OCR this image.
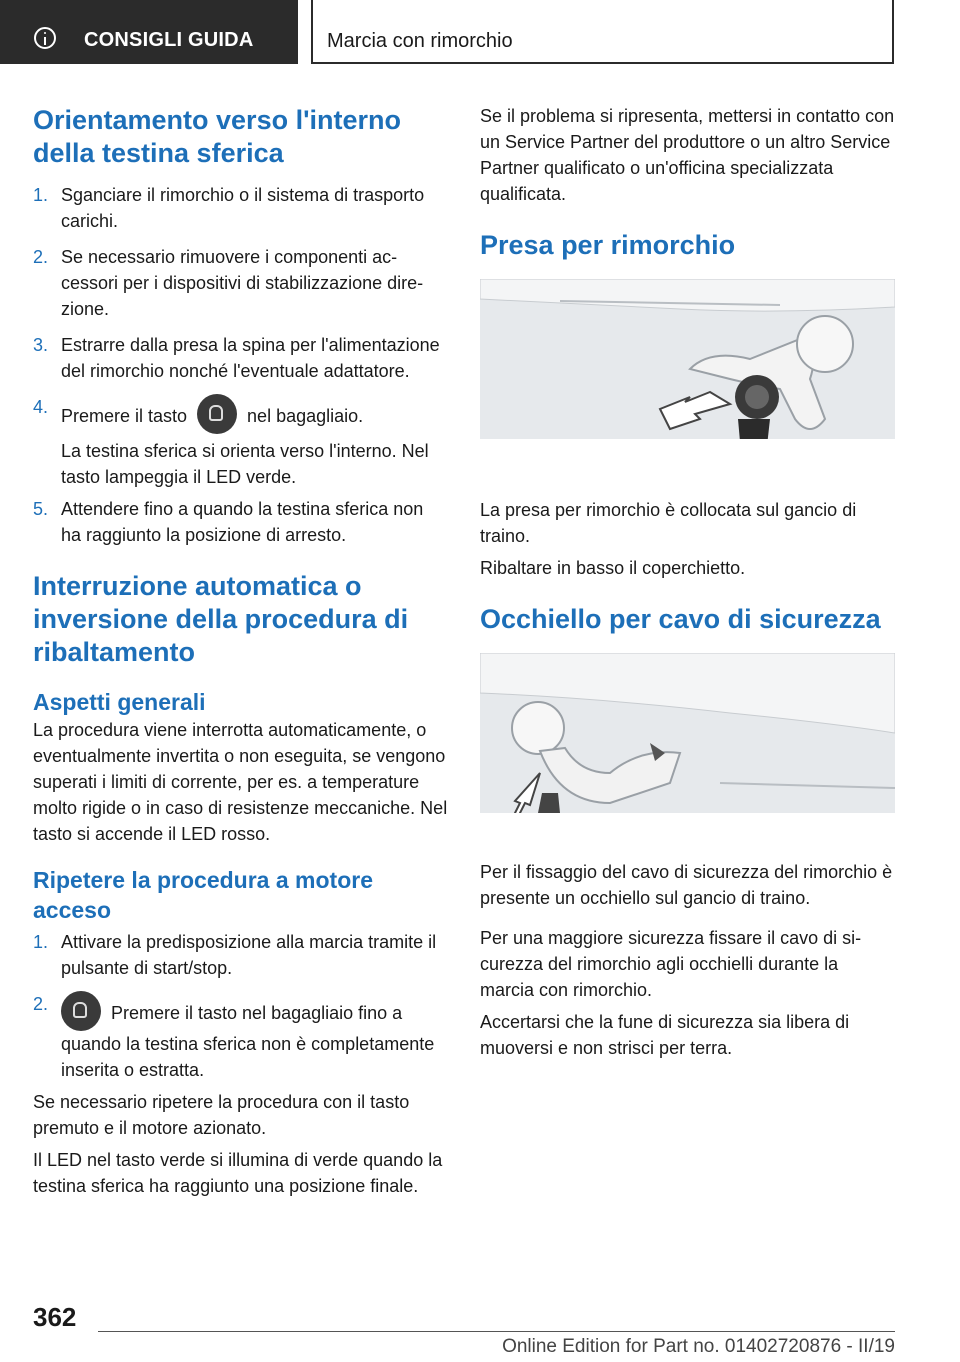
CONSIGLI GUIDA	Marcia con rimorchio
Orientamento verso l'interno della testina sferica
1. Sganciare il rimorchio o il sistema di trasporto carichi.
2. Se necessario rimuovere i componenti accessori per i dispositivi di stabilizzazione direzione.
3. Estrarre dalla presa la spina per l'alimentazione del rimorchio nonché l'eventuale adattatore.
4. Premere il tasto	nel bagagliaio.
La testina sferica si orienta verso l'interno. Nel tasto lampeggia il LED verde.
5. Attendere fino a quando la testina sferica non ha raggiunto la posizione di arresto.
Interruzione automatica o inversione della procedura di ribaltamento
Aspetti generali

La procedura viene interrotta automaticamente, o eventualmente invertita o non eseguita, se vengono superati i limiti di corrente, per es. a temperature molto rigide o in caso di resistenze meccaniche. Nel tasto si accende il LED rosso.

Ripetere la procedura a motore acceso
1. Attivare la predisposizione alla marcia tramite il pulsante di start/stop.
2.	Premere il tasto nel bagagliaio fino a quando la testina sferica non è completamente inserita o estratta.

Se necessario ripetere la procedura con il tasto premuto e il motore azionato.

Il LED nel tasto verde si illumina di verde quando la testina sferica ha raggiunto una posizione finale.

Se il problema si ripresenta, mettersi in contatto con un Service Partner del produttore o un altro Service Partner qualificato o un'officina specializzata qualificata.

Presa per rimorchio

La presa per rimorchio è collocata sul gancio di traino.

Ribaltare in basso il coperchietto.

Occhiello per cavo di sicurezza

Per il fissaggio del cavo di sicurezza del rimorchio è presente un occhiello sul gancio di traino.

Per una maggiore sicurezza fissare il cavo di sicurezza del rimorchio agli occhielli durante la marcia con rimorchio.

Accertarsi che la fune di sicurezza sia libera di muoversi e non strisci per terra.

362
Online Edition for Part no. 01402720876 - II/19
